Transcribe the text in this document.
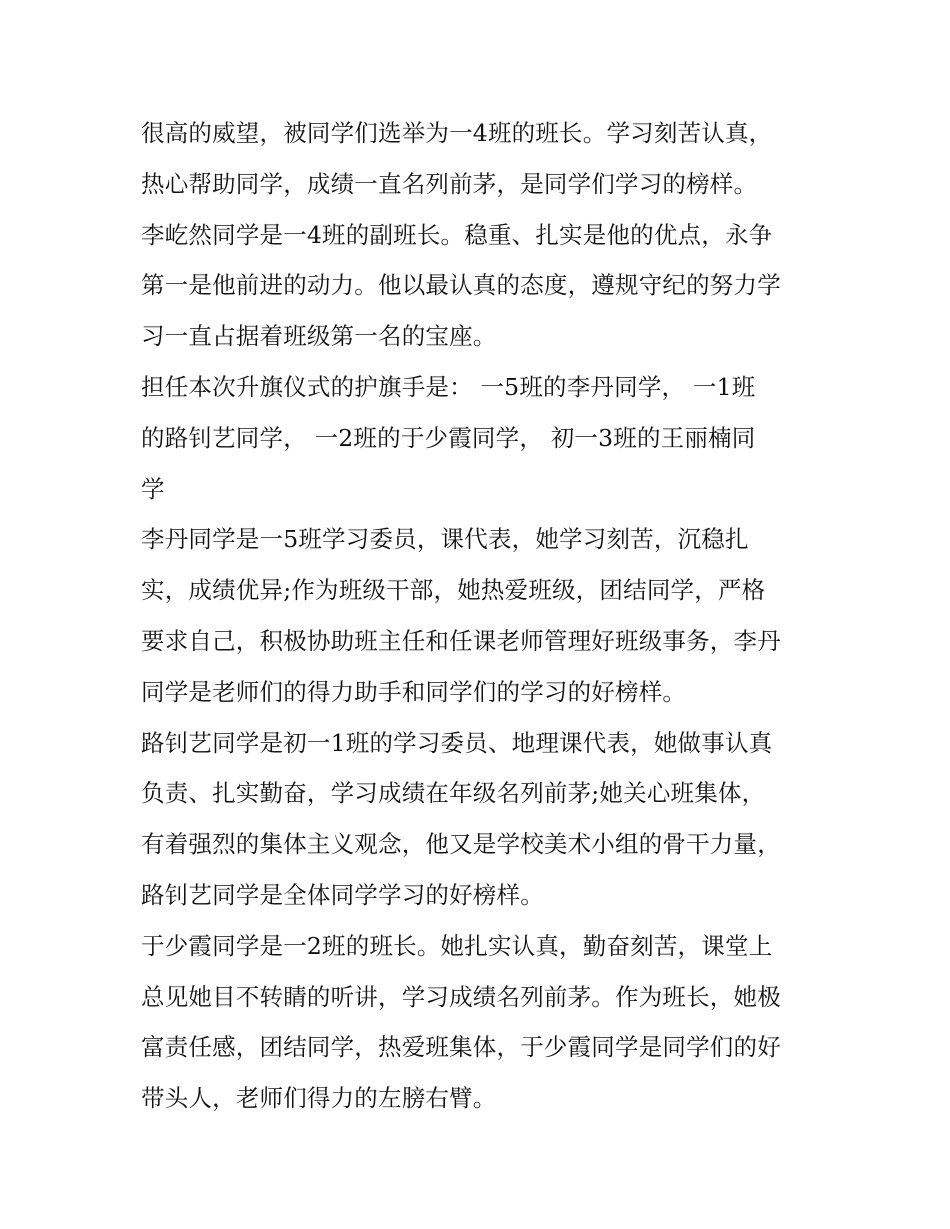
很高的威望，被同学们选举为一4班的班长。学习刻苦认真，
热心帮助同学，成绩一直名列前茅，是同学们学习的榜样。
李屹然同学是一4班的副班长。稳重、扎实是他的优点，永争
第一是他前进的动力。他以最认真的态度，遵规守纪的努力学
习一直占据着班级第一名的宝座。
担任本次升旗仪式的护旗手是： 一5班的李丹同学， 一1班
的路钊艺同学， 一2班的于少霞同学， 初一3班的王丽楠同
学
李丹同学是一5班学习委员，课代表，她学习刻苦，沉稳扎
实，成绩优异;作为班级干部，她热爱班级，团结同学，严格
要求自己，积极协助班主任和任课老师管理好班级事务，李丹
同学是老师们的得力助手和同学们的学习的好榜样。
路钊艺同学是初一1班的学习委员、地理课代表，她做事认真
负责、扎实勤奋，学习成绩在年级名列前茅;她关心班集体，
有着强烈的集体主义观念，他又是学校美术小组的骨干力量，
路钊艺同学是全体同学学习的好榜样。
于少霞同学是一2班的班长。她扎实认真，勤奋刻苦，课堂上
总见她目不转睛的听讲，学习成绩名列前茅。作为班长，她极
富责任感，团结同学，热爱班集体，于少霞同学是同学们的好
带头人，老师们得力的左膀右臂。
